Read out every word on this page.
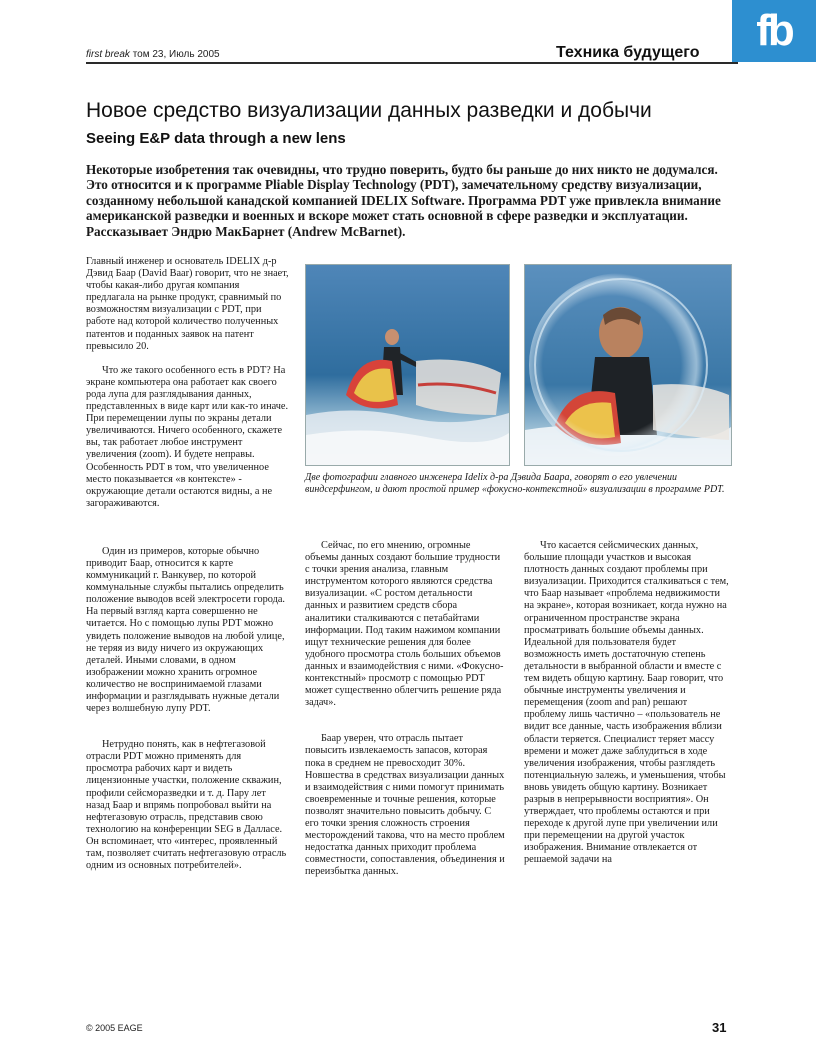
first break том 23, Июль 2005	Техника будущего	fb
Новое средство визуализации данных разведки и добычи
Seeing E&P data through a new lens

Некоторые изобретения так очевидны, что трудно поверить, будто бы раньше до них никто не додумался. Это относится и к программе Pliable Display Technology (PDT), замечательному средству визуализации, созданному небольшой канадской компанией IDELIX Software. Программа PDT уже привлекла внимание американской разведки и военных и вскоре может стать основной в сфере разведки и эксплуатации. Рассказывает Эндрю МакБарнет (Andrew McBarnet).

Главный инженер и основатель IDELIX д-р Дэвид Баар (David Baar) говорит, что не знает, чтобы какая-либо другая компания предлагала на рынке продукт, сравнимый по возможностям визуализации с PDT, при работе над которой количество полученных патентов и поданных заявок на патент превысило 20.

Что же такого особенного есть в PDT? На экране компьютера она работает как своего рода лупа для разглядывания данных, представленных в виде карт или как-то иначе. При перемещении лупы по экраны детали увеличиваются. Ничего особенного, скажете вы, так работает любое инструмент увеличения (zoom). И будете неправы. Особенность PDT в том, что увеличенное место показывается «в контексте» - окружающие детали остаются видны, а не загораживаются.

Один из примеров, которые обычно приводит Баар, относится к карте коммуникаций г. Ванкувер, по которой коммунальные службы пытались определить положение выводов всей электросети города. На первый взгляд карта совершенно не читается. Но с помощью лупы PDT можно увидеть положение выводов на любой улице, не теряя из виду ничего из окружающих деталей. Иными словами, в одном изображении можно хранить огромное количество не воспринимаемой глазами информации и разглядывать нужные детали через волшебную лупу PDT.

Нетрудно понять, как в нефтегазовой отрасли PDT можно применять для просмотра рабочих карт и видеть лицензионные участки, положение скважин, профили сейсморазведки и т. д. Пару лет назад Баар и впрямь попробовал выйти на нефтегазовую отрасль, представив свою технологию на конференции SEG в Далласе. Он вспоминает, что «интерес, проявленный там, позволяет считать нефтегазовую отрасль одним из основных потребителей».

Две фотографии главного инженера Idelix д-ра Дэвида Баара, говорят о его увлечении виндсерфингом, и дают простой пример «фокусно-контекстной» визуализации в программе PDT.

Сейчас, по его мнению, огромные объемы данных создают большие трудности с точки зрения анализа, главным инструментом которого являются средства визуализации. «С ростом детальности данных и развитием средств сбора аналитики сталкиваются с петабайтами информации. Под таким нажимом компании ищут технические решения для более удобного просмотра столь больших объемов данных и взаимодействия с ними. «Фокусно-контекстный» просмотр с помощью PDT может существенно облегчить решение ряда задач».

Баар уверен, что отрасль пытает повысить извлекаемость запасов, которая пока в среднем не превосходит 30%. Новшества в средствах визуализации данных и взаимодействия с ними помогут принимать своевременные и точные решения, которые позволят значительно повысить добычу. С его точки зрения сложность строения месторождений такова, что на место проблем недостатка данных приходит проблема совместности, сопоставления, объединения и переизбытка данных.

Что касается сейсмических данных, большие площади участков и высокая плотность данных создают проблемы при визуализации. Приходится сталкиваться с тем, что Баар называет «проблема недвижимости на экране», которая возникает, когда нужно на ограниченном пространстве экрана просматривать большие объемы данных. Идеальной для пользователя будет возможность иметь достаточную степень детальности в выбранной области и вместе с тем видеть общую картину. Баар говорит, что обычные инструменты увеличения и перемещения (zoom and pan) решают проблему лишь частично – «пользователь не видит все данные, часть изображения вблизи области теряется. Специалист теряет массу времени и может даже заблудиться в ходе увеличения изображения, чтобы разглядеть потенциальную залежь, и уменьшения, чтобы вновь увидеть общую картину. Возникает разрыв в непрерывности восприятия». Он утверждает, что проблемы остаются и при переходе к другой лупе при увеличении или при перемещении на другой участок изображения. Внимание отвлекается от решаемой задачи на

© 2005 EAGE	31
